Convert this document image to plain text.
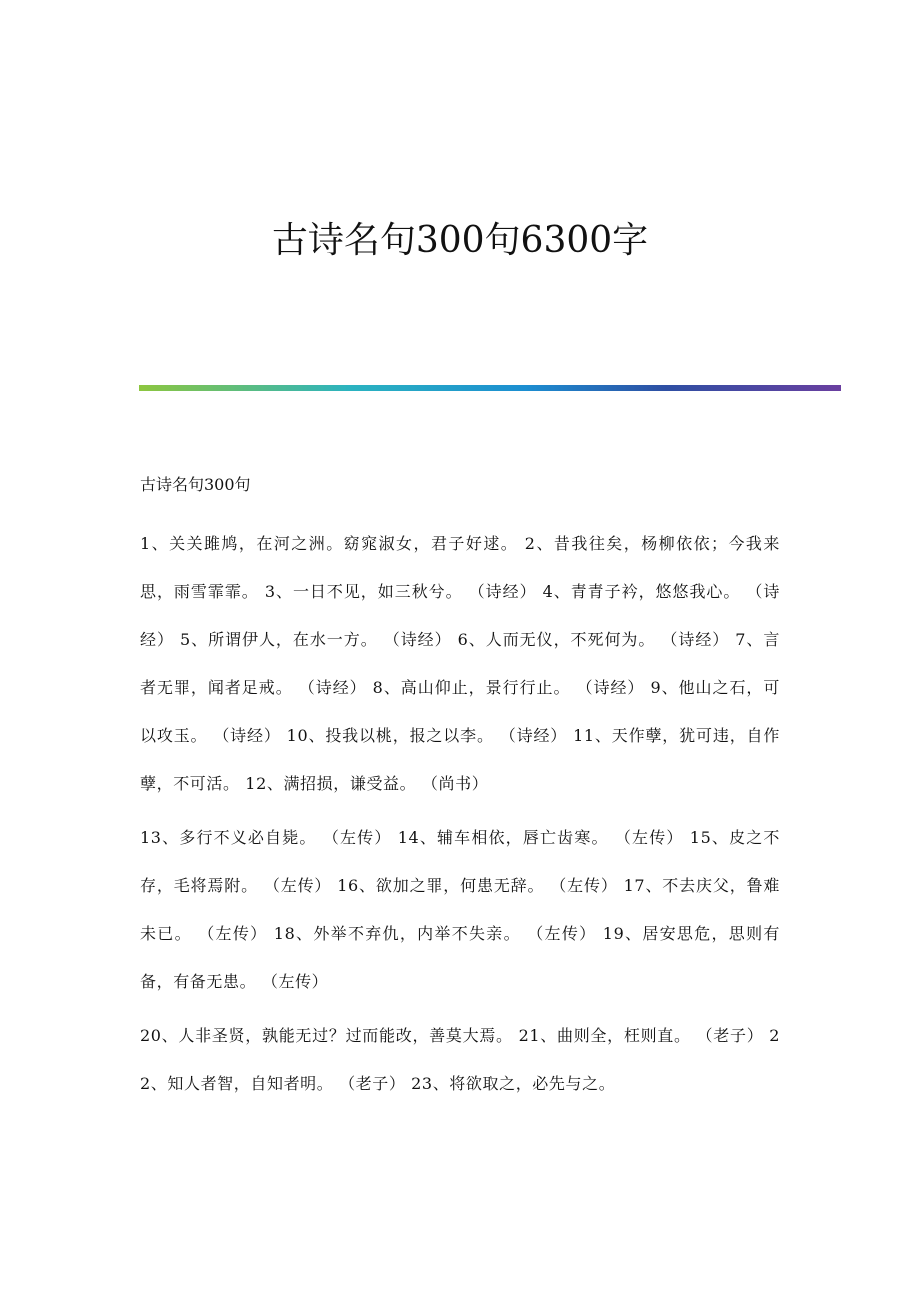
古诗名句300句6300字

古诗名句300句

1、关关雎鸠，在河之洲。窈窕淑女，君子好逑。 2、昔我往矣，杨柳依依；今我来思，雨雪霏霏。 3、一日不见，如三秋兮。 （诗经） 4、青青子衿，悠悠我心。 （诗经） 5、所谓伊人，在水一方。 （诗经） 6、人而无仪，不死何为。 （诗经） 7、言者无罪，闻者足戒。 （诗经） 8、高山仰止，景行行止。 （诗经） 9、他山之石，可以攻玉。 （诗经） 10、投我以桃，报之以李。 （诗经） 11、天作孽，犹可违，自作孽，不可活。 12、满招损，谦受益。 （尚书）

13、多行不义必自毙。 （左传） 14、辅车相依，唇亡齿寒。 （左传） 15、皮之不存，毛将焉附。 （左传） 16、欲加之罪，何患无辞。 （左传） 17、不去庆父，鲁难未已。 （左传） 18、外举不弃仇，内举不失亲。 （左传） 19、居安思危，思则有备，有备无患。 （左传）

20、人非圣贤，孰能无过？过而能改，善莫大焉。 21、曲则全，枉则直。 （老子） 22、知人者智，自知者明。 （老子） 23、将欲取之，必先与之。
